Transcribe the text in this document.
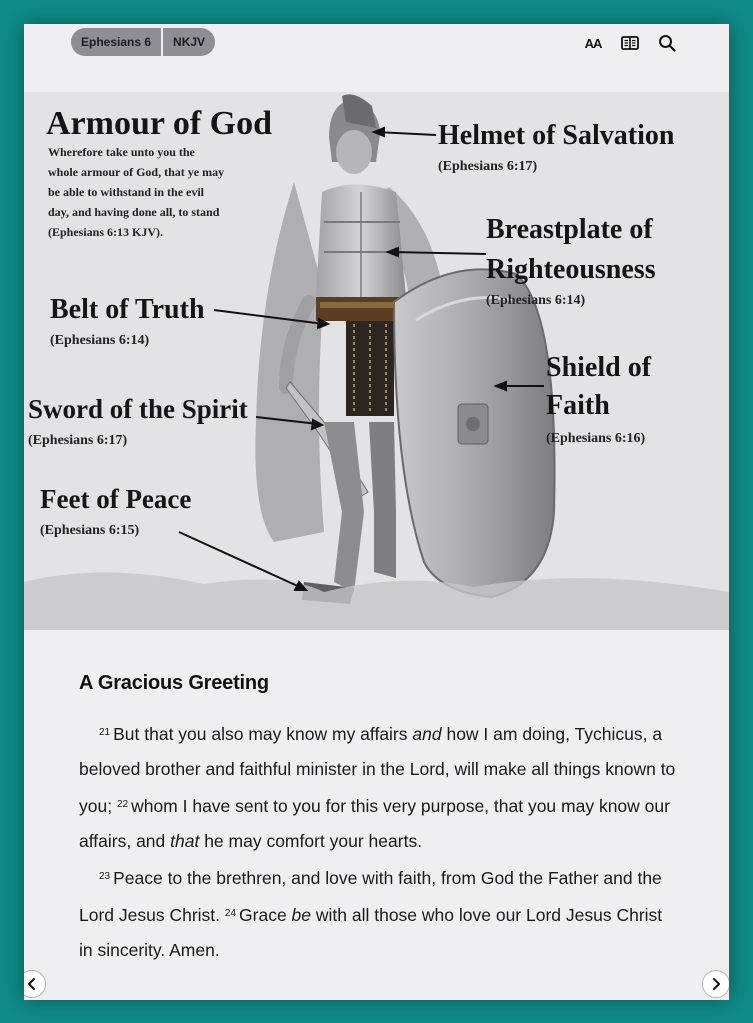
Ephesians 6	NKJV	AA
Armour of God
Wherefore take unto you the
whole armour of God, that ye may
be able to withstand in the evil
day, and having done all, to stand
(Ephesians 6:13 KJV).
Helmet of Salvation
(Ephesians 6:17)
Breastplate of
Righteousness
(Ephesians 6:14)
Belt of Truth
(Ephesians 6:14)
Shield of
Faith
(Ephesians 6:16)
Sword of the Spirit
(Ephesians 6:17)
Feet of Peace
(Ephesians 6:15)
A Gracious Greeting

$^{21}$ But that you also may know my affairs and how I am doing, Tychicus, a beloved brother and faithful minister in the Lord, will make all things known to you; $^{22}$ whom I have sent to you for this very purpose, that you may know our affairs, and that he may comfort your hearts.

$^{23}$ Peace to the brethren, and love with faith, from God the Father and the Lord Jesus Christ. $^{24}$ Grace be with all those who love our Lord Jesus Christ in sincerity. Amen.
